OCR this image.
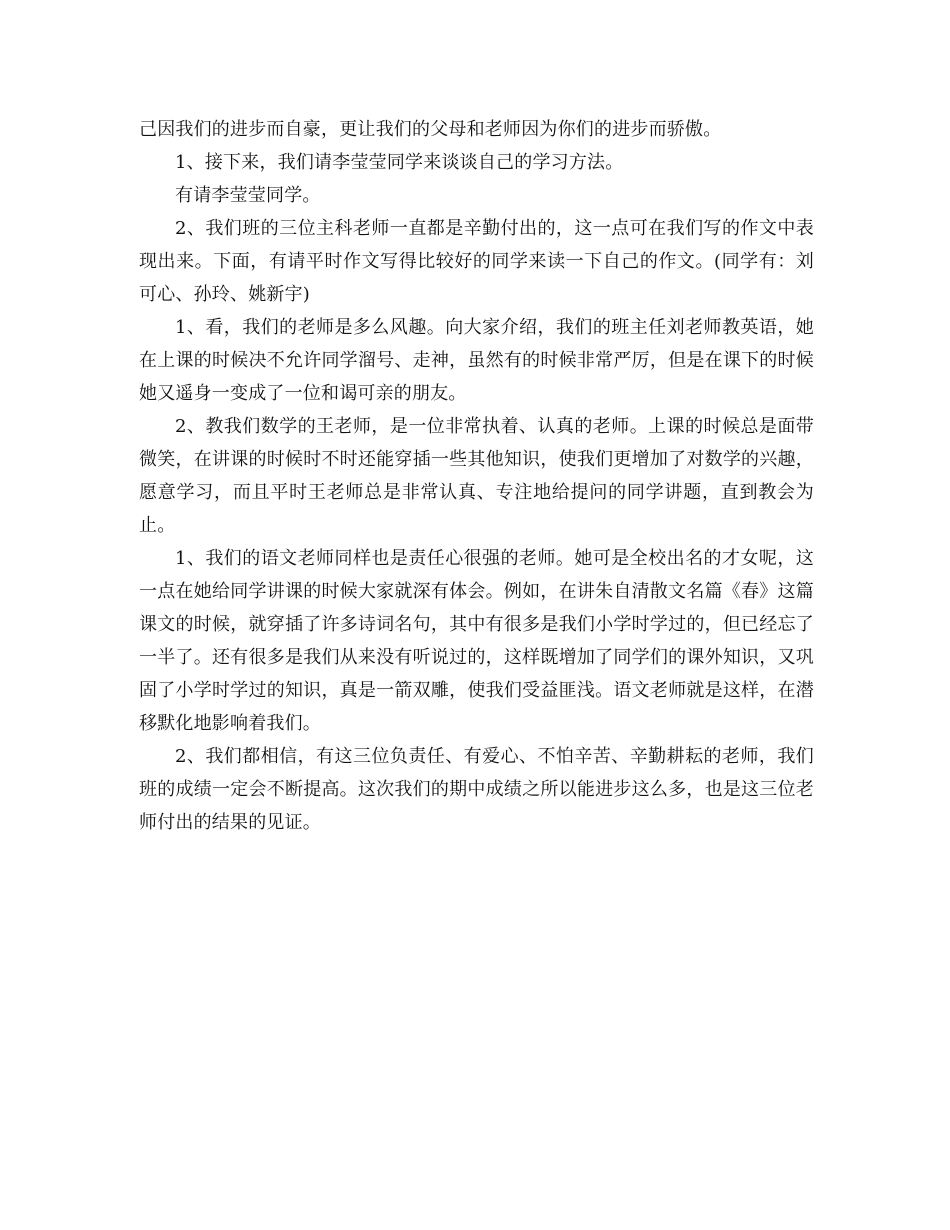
己因我们的进步而自豪，更让我们的父母和老师因为你们的进步而骄傲。

1、接下来，我们请李莹莹同学来谈谈自己的学习方法。

有请李莹莹同学。

2、我们班的三位主科老师一直都是辛勤付出的，这一点可在我们写的作文中表现出来。下面，有请平时作文写得比较好的同学来读一下自己的作文。(同学有：刘可心、孙玲、姚新宇)

1、看，我们的老师是多么风趣。向大家介绍，我们的班主任刘老师教英语，她在上课的时候决不允许同学溜号、走神，虽然有的时候非常严厉，但是在课下的时候她又遥身一变成了一位和谒可亲的朋友。

2、教我们数学的王老师，是一位非常执着、认真的老师。上课的时候总是面带微笑，在讲课的时候时不时还能穿插一些其他知识，使我们更增加了对数学的兴趣，愿意学习，而且平时王老师总是非常认真、专注地给提问的同学讲题，直到教会为止。

1、我们的语文老师同样也是责任心很强的老师。她可是全校出名的才女呢，这一点在她给同学讲课的时候大家就深有体会。例如，在讲朱自清散文名篇《春》这篇课文的时候，就穿插了许多诗词名句，其中有很多是我们小学时学过的，但已经忘了一半了。还有很多是我们从来没有听说过的，这样既增加了同学们的课外知识，又巩固了小学时学过的知识，真是一箭双雕，使我们受益匪浅。语文老师就是这样，在潜移默化地影响着我们。

2、我们都相信，有这三位负责任、有爱心、不怕辛苦、辛勤耕耘的老师，我们班的成绩一定会不断提高。这次我们的期中成绩之所以能进步这么多，也是这三位老师付出的结果的见证。
